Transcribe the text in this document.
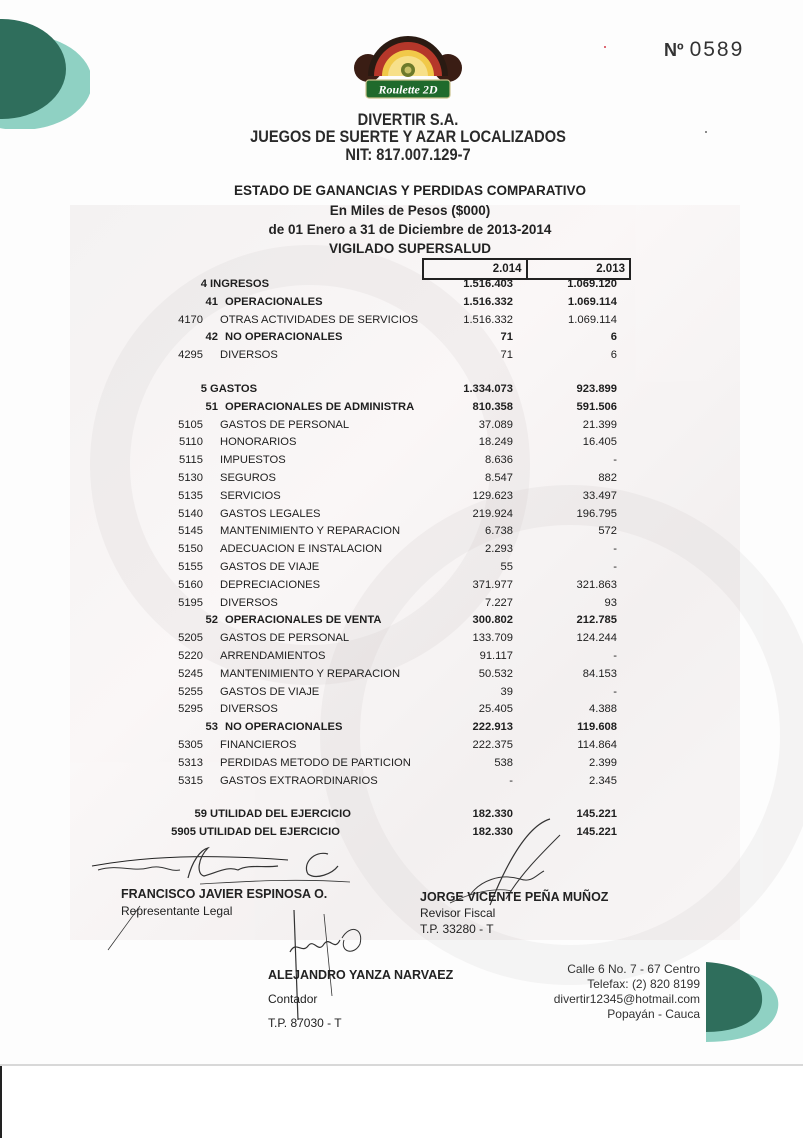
Roulette 2D
Nº 0589
DIVERTIR S.A.
JUEGOS DE SUERTE Y AZAR LOCALIZADOS
NIT: 817.007.129-7
ESTADO DE GANANCIAS Y PERDIDAS COMPARATIVO
En Miles de Pesos ($000)
de 01 Enero a 31 de Diciembre de 2013-2014
VIGILADO SUPERSALUD
2.014	2.013
4 INGRESOS	1.516.403	1.069.120
41 OPERACIONALES	1.516.332	1.069.114
4170 OTRAS ACTIVIDADES DE SERVICIOS	1.516.332	1.069.114
42 NO OPERACIONALES	71	6
4295 DIVERSOS	71	6
5 GASTOS	1.334.073	923.899
51 OPERACIONALES DE ADMINISTRA	810.358	591.506
5105 GASTOS DE PERSONAL	37.089	21.399
5110 HONORARIOS	18.249	16.405
5115 IMPUESTOS	8.636	-
5130 SEGUROS	8.547	882
5135 SERVICIOS	129.623	33.497
5140 GASTOS LEGALES	219.924	196.795
5145 MANTENIMIENTO Y REPARACION	6.738	572
5150 ADECUACION E INSTALACION	2.293	-
5155 GASTOS DE VIAJE	55	-
5160 DEPRECIACIONES	371.977	321.863
5195 DIVERSOS	7.227	93
52 OPERACIONALES DE VENTA	300.802	212.785
5205 GASTOS DE PERSONAL	133.709	124.244
5220 ARRENDAMIENTOS	91.117	-
5245 MANTENIMIENTO Y REPARACION	50.532	84.153
5255 GASTOS DE VIAJE	39	-
5295 DIVERSOS	25.405	4.388
53 NO OPERACIONALES	222.913	119.608
5305 FINANCIEROS	222.375	114.864
5313 PERDIDAS METODO DE PARTICION	538	2.399
5315 GASTOS EXTRAORDINARIOS	-	2.345
59 UTILIDAD DEL EJERCICIO	182.330	145.221
5905 UTILIDAD DEL EJERCICIO	182.330	145.221
FRANCISCO JAVIER ESPINOSA O.
Representante Legal
JORGE VICENTE PEÑA MUÑOZ
Revisor Fiscal
T.P. 33280 - T
ALEJANDRO YANZA NARVAEZ
Contador
T.P. 87030 - T
Calle 6 No. 7 - 67 Centro
Telefax: (2) 820 8199
divertir12345@hotmail.com
Popayán - Cauca
